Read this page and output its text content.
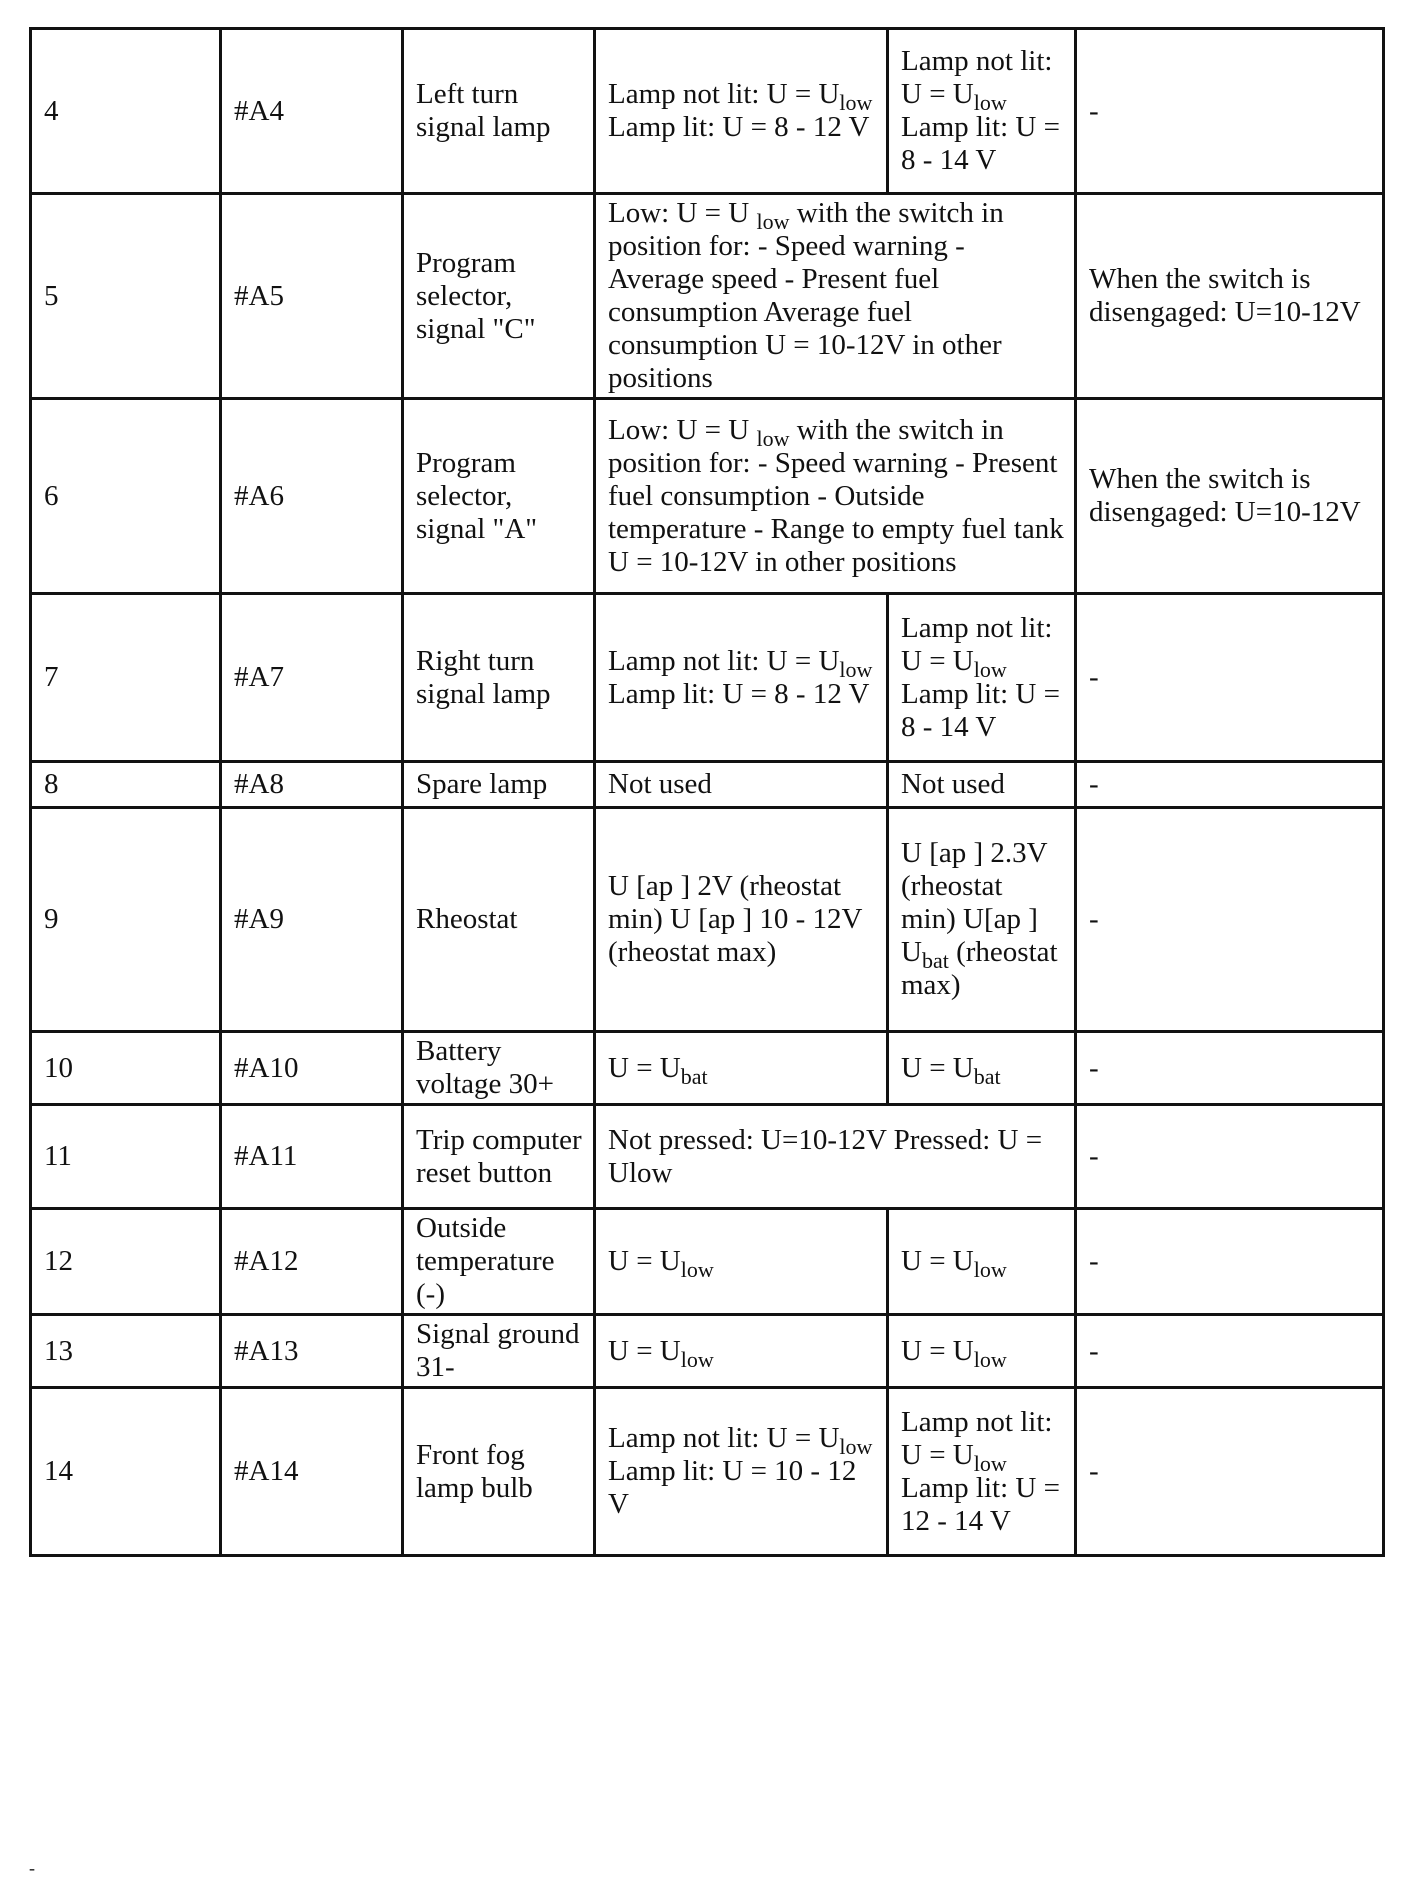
4	#A4	Left turn signal lamp	Lamp not lit: $U = U_{low}$ Lamp lit: U = 8 - 12 V	Lamp not lit: $U = U_{low}$ Lamp lit: U = 8 - 14 V	-
5	#A5	Program selector, signal "C"	Low: U = U $_{low}$ with the switch in position for: - Speed warning - Average speed - Present fuel consumption Average fuel consumption U = 10-12V in other positions		When the switch is disengaged: U=10-12V
6	#A6	Program selector, signal "A"	Low: U = U $_{low}$ with the switch in position for: - Speed warning - Present fuel consumption - Outside temperature - Range to empty fuel tank U = 10-12V in other positions		When the switch is disengaged: U=10-12V
7	#A7	Right turn signal lamp	Lamp not lit: $U = U_{low}$ Lamp lit: U = 8 - 12 V	Lamp not lit: $U = U_{low}$ Lamp lit: U = 8 - 14 V	-
8	#A8	Spare lamp	Not used	Not used	-
9	#A9	Rheostat	U [ap ] 2V (rheostat min) U [ap ] 10 - 12V (rheostat max)	U [ap ] 2.3V (rheostat min) U[ap ] $U_{bat}$ (rheostat max)	-
10	#A10	Battery voltage 30+	$U = U_{bat}$	$U = U_{bat}$	-
11	#A11	Trip computer reset button	Not pressed: U=10-12V Pressed: U = Ulow		-
12	#A12	Outside temperature (-)	$U = U_{low}$	$U = U_{low}$	-
13	#A13	Signal ground 31-	$U = U_{low}$	$U = U_{low}$	-
14	#A14	Front fog lamp bulb	Lamp not lit: $U = U_{low}$ Lamp lit: U = 10 - 12 V	Lamp not lit: $U = U_{low}$ Lamp lit: U = 12 - 14 V	-
-
